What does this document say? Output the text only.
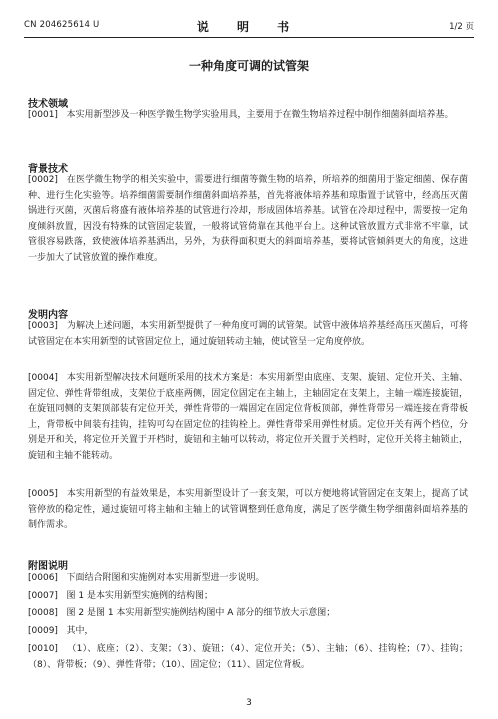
CN 204625614 U	说 明 书	1/2 页
一种角度可调的试管架
技术领域
[0001] 本实用新型涉及一种医学微生物学实验用具，主要用于在微生物培养过程中制作细菌斜面培养基。
背景技术
[0002] 在医学微生物学的相关实验中，需要进行细菌等微生物的培养，所培养的细菌用于鉴定细菌、保存菌种、进行生化实验等。培养细菌需要制作细菌斜面培养基，首先将液体培养基和琼脂置于试管中，经高压灭菌锅进行灭菌，灭菌后将盛有液体培养基的试管进行冷却，形成固体培养基。试管在冷却过程中，需要按一定角度倾斜放置，因没有特殊的试管固定装置，一般将试管倚靠在其他平台上。这种试管放置方式非常不牢靠，试管很容易跌落，致使液体培养基洒出，另外，为获得面积更大的斜面培养基，要将试管倾斜更大的角度，这进一步加大了试管放置的操作难度。
发明内容
[0003] 为解决上述问题，本实用新型提供了一种角度可调的试管架。试管中液体培养基经高压灭菌后，可将试管固定在本实用新型的试管固定位上，通过旋钮转动主轴，使试管呈一定角度停放。
[0004] 本实用新型解决技术问题所采用的技术方案是：本实用新型由底座、支架、旋钮、定位开关、主轴、固定位、弹性背带组成，支架位于底座两侧，固定位固定在主轴上，主轴固定在支架上，主轴一端连接旋钮，在旋钮同侧的支架顶部装有定位开关，弹性背带的一端固定在固定位背板顶部，弹性背带另一端连接在背带板上，背带板中间装有挂钩，挂钩可勾在固定位的挂钩栓上。弹性背带采用弹性材质。定位开关有两个档位，分别是开和关，将定位开关置于开档时，旋钮和主轴可以转动，将定位开关置于关档时，定位开关将主轴锁止，旋钮和主轴不能转动。
[0005] 本实用新型的有益效果是，本实用新型设计了一套支架，可以方便地将试管固定在支架上，提高了试管停放的稳定性，通过旋钮可将主轴和主轴上的试管调整到任意角度，满足了医学微生物学细菌斜面培养基的制作需求。
附图说明
[0006] 下面结合附图和实施例对本实用新型进一步说明。
[0007] 图 1 是本实用新型实施例的结构图；
[0008] 图 2 是图 1 本实用新型实施例结构图中 A 部分的细节放大示意图；
[0009] 其中，
[0010] （1）、底座；（2）、支架；（3）、旋钮；（4）、定位开关；（5）、主轴；（6）、挂钩栓；（7）、挂钩；（8）、背带板；（9）、弹性背带；（10）、固定位；（11）、固定位背板。
3
